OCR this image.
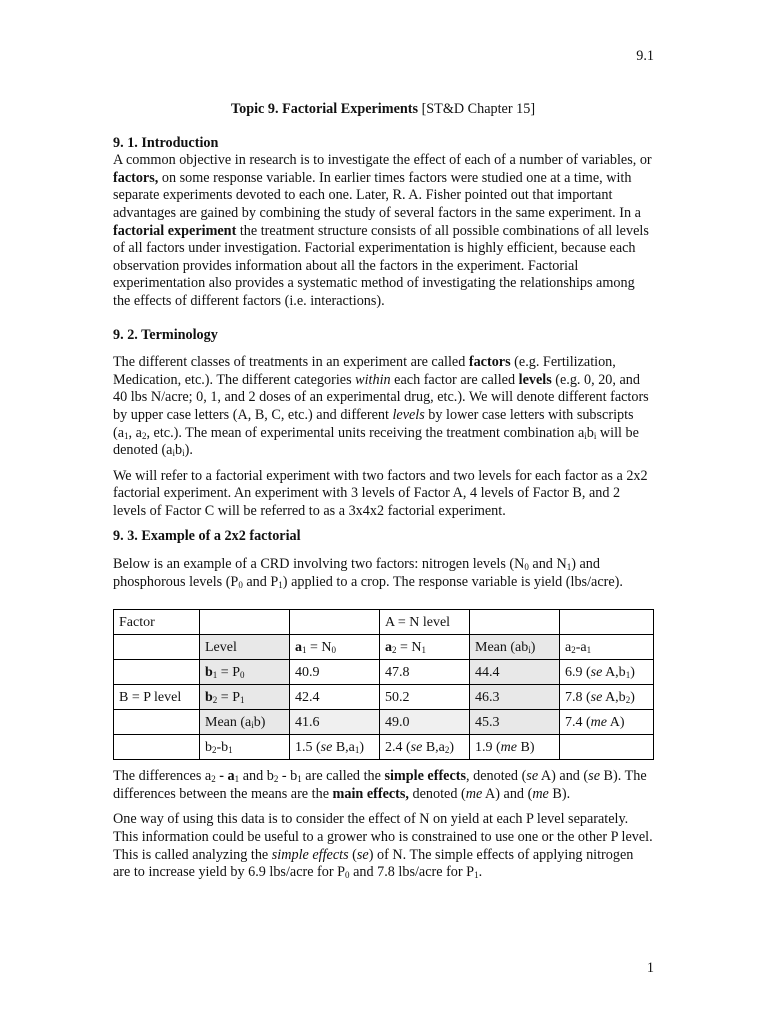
9.1

Topic 9. Factorial Experiments [ST&D Chapter 15]

9. 1. Introduction

A common objective in research is to investigate the effect of each of a number of variables, or factors, on some response variable. In earlier times factors were studied one at a time, with separate experiments devoted to each one. Later, R. A. Fisher pointed out that important advantages are gained by combining the study of several factors in the same experiment. In a factorial experiment the treatment structure consists of all possible combinations of all levels of all factors under investigation. Factorial experimentation is highly efficient, because each observation provides information about all the factors in the experiment. Factorial experimentation also provides a systematic method of investigating the relationships among the effects of different factors (i.e. interactions).

9. 2. Terminology

The different classes of treatments in an experiment are called factors (e.g. Fertilization, Medication, etc.). The different categories within each factor are called levels (e.g. 0, 20, and 40 lbs N/acre; 0, 1, and 2 doses of an experimental drug, etc.). We will denote different factors by upper case letters (A, B, C, etc.) and different levels by lower case letters with subscripts ($a_1$, $a_2$, etc.). The mean of experimental units receiving the treatment combination $a_ib_i$ will be denoted $(a_ib_i)$.

We will refer to a factorial experiment with two factors and two levels for each factor as a 2x2 factorial experiment. An experiment with 3 levels of Factor A, 4 levels of Factor B, and 2 levels of Factor C will be referred to as a 3x4x2 factorial experiment.

9. 3. Example of a 2x2 factorial

Below is an example of a CRD involving two factors: nitrogen levels ($N_0$ and $N_1$) and phosphorous levels ($P_0$ and $P_1$) applied to a crop. The response variable is yield (lbs/acre).

Factor			A = N level		
	Level	$a_1 = N_0$	$a_2 = N_1$	Mean $(ab_i)$	$a_2-a_1$
	$b_1 = P_0$	40.9	47.8	44.4	6.9 (se $A,b_1$)
B = P level	$b_2 = P_1$	42.4	50.2	46.3	7.8 (se $A,b_2$)
	Mean $(a_ib)$	41.6	49.0	45.3	7.4 (me A)
	$b_2-b_1$	1.5 (se $B,a_1$)	2.4 (se $B,a_2$)	1.9 (me B)	

The differences $a_2 - a_1$ and $b_2 - b_1$ are called the simple effects, denoted (se A) and (se B). The differences between the means are the main effects, denoted (me A) and (me B).

One way of using this data is to consider the effect of N on yield at each P level separately. This information could be useful to a grower who is constrained to use one or the other P level. This is called analyzing the simple effects (se) of N. The simple effects of applying nitrogen are to increase yield by 6.9 lbs/acre for $P_0$ and 7.8 lbs/acre for $P_1$.

1
